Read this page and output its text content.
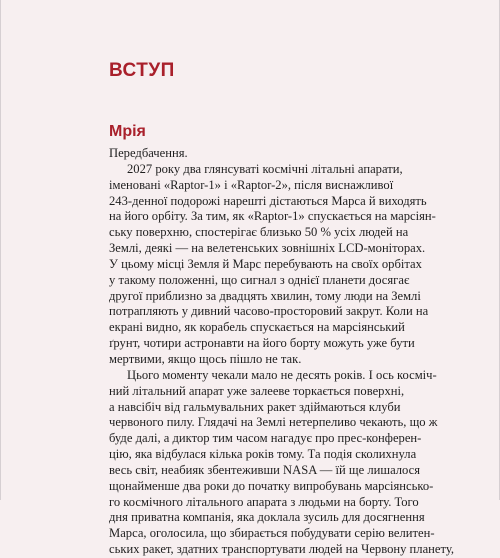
ВСТУП
Мрія
Передбачення.
2027 року два глянсуваті космічні літальні апарати,
іменовані «Raptor-1» і «Raptor-2», після виснажливої
243-денної подорожі нарешті дістаються Марса й виходять
на його орбіту. За тим, як «Raptor-1» спускається на марсіян-
ську поверхню, спостерігає близько 50 % усіх людей на
Землі, деякі — на велетенських зовнішніх LCD-моніторах.
У цьому місці Земля й Марс перебувають на своїх орбітах
у такому положенні, що сигнал з однієї планети досягає
другої приблизно за двадцять хвилин, тому люди на Землі
потрапляють у дивний часово-просторовий закрут. Коли на
екрані видно, як корабель спускається на марсіянський
ґрунт, чотири астронавти на його борту можуть уже бути
мертвими, якщо щось пішло не так.
Цього моменту чекали мало не десять років. І ось косміч-
ний літальний апарат уже залееве торкається поверхні,
а навсібіч від гальмувальних ракет здіймаються клуби
червоного пилу. Глядачі на Землі нетерпеливо чекають, що ж
буде далі, а диктор тим часом нагадує про прес-конферен-
цію, яка відбулася кілька років тому. Та подія сколихнула
весь світ, неабияк збентеживши NASA — їй ще лишалося
щонайменше два роки до початку випробувань марсіянсько-
го космічного літального апарата з людьми на борту. Того
дня приватна компанія, яка доклала зусиль для досягнення
Марса, оголосила, що збирається побудувати серію велитен-
ських ракет, здатних транспортувати людей на Червону планету,
